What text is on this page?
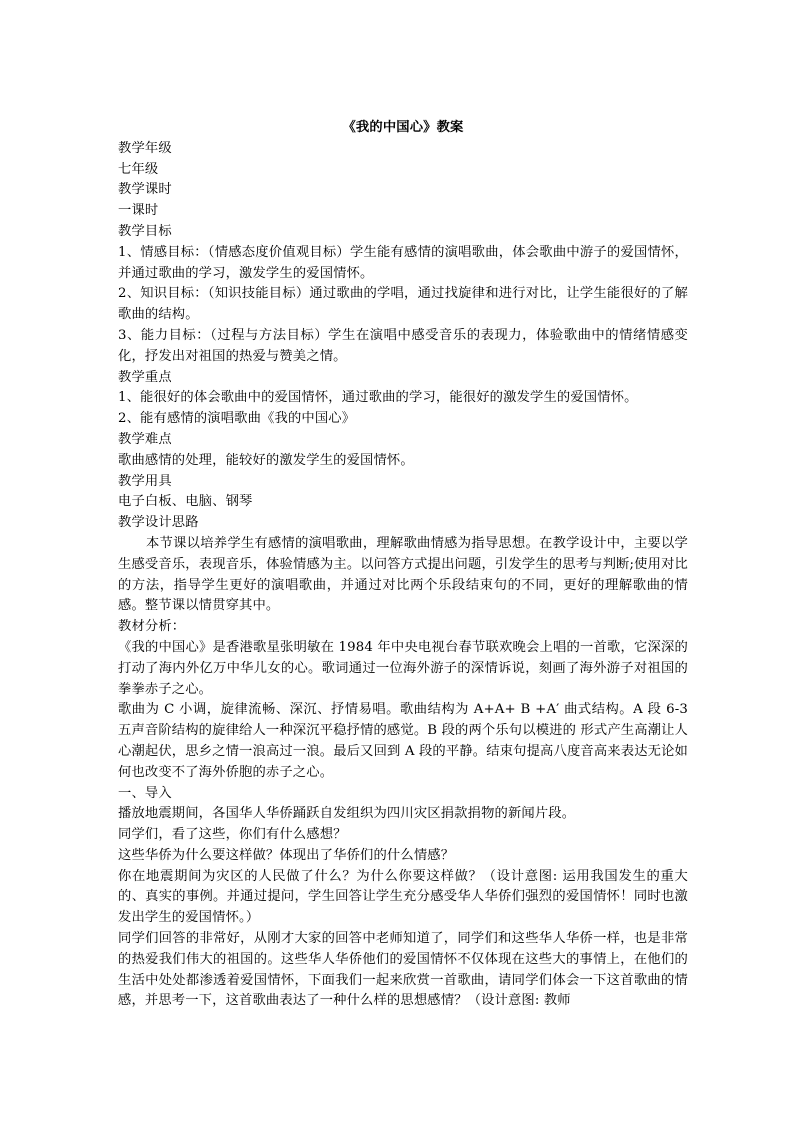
《我的中国心》教案
教学年级
七年级
教学课时
一课时
教学目标
1、情感目标：（情感态度价值观目标）学生能有感情的演唱歌曲，体会歌曲中游子的爱国情怀，并通过歌曲的学习，激发学生的爱国情怀。
2、知识目标：（知识技能目标）通过歌曲的学唱，通过找旋律和进行对比，让学生能很好的了解歌曲的结构。
3、能力目标：（过程与方法目标）学生在演唱中感受音乐的表现力，体验歌曲中的情绪情感变化，抒发出对祖国的热爱与赞美之情。
教学重点
1、能很好的体会歌曲中的爱国情怀，通过歌曲的学习，能很好的激发学生的爱国情怀。
2、能有感情的演唱歌曲《我的中国心》
教学难点
歌曲感情的处理，能较好的激发学生的爱国情怀。
教学用具
电子白板、电脑、钢琴
教学设计思路
本节课以培养学生有感情的演唱歌曲，理解歌曲情感为指导思想。在教学设计中，主要以学生感受音乐，表现音乐，体验情感为主。以问答方式提出问题，引发学生的思考与判断;使用对比的方法，指导学生更好的演唱歌曲，并通过对比两个乐段结束句的不同，更好的理解歌曲的情感。整节课以情贯穿其中。
教材分析：
《我的中国心》是香港歌星张明敏在 1984 年中央电视台春节联欢晚会上唱的一首歌，它深深的打动了海内外亿万中华儿女的心。歌词通过一位海外游子的深情诉说，刻画了海外游子对祖国的拳拳赤子之心。
歌曲为 C 小调，旋律流畅、深沉、抒情易唱。歌曲结构为 A+A+ B +A′ 曲式结构。A 段 6-3 五声音阶结构的旋律给人一种深沉平稳抒情的感觉。B 段的两个乐句以模进的 形式产生高潮让人心潮起伏，思乡之情一浪高过一浪。最后又回到 A 段的平静。结束句提高八度音高来表达无论如何也改变不了海外侨胞的赤子之心。
一、导入
播放地震期间，各国华人华侨踊跃自发组织为四川灾区捐款捐物的新闻片段。
同学们，看了这些，你们有什么感想？
这些华侨为什么要这样做？体现出了华侨们的什么情感？
你在地震期间为灾区的人民做了什么？为什么你要这样做？（设计意图: 运用我国发生的重大的、真实的事例。并通过提问，学生回答让学生充分感受华人华侨们强烈的爱国情怀！同时也激发出学生的爱国情怀。）
同学们回答的非常好，从刚才大家的回答中老师知道了，同学们和这些华人华侨一样，也是非常的热爱我们伟大的祖国的。这些华人华侨他们的爱国情怀不仅体现在这些大的事情上，在他们的生活中处处都渗透着爱国情怀，下面我们一起来欣赏一首歌曲，请同学们体会一下这首歌曲的情感，并思考一下，这首歌曲表达了一种什么样的思想感情？（设计意图: 教师
